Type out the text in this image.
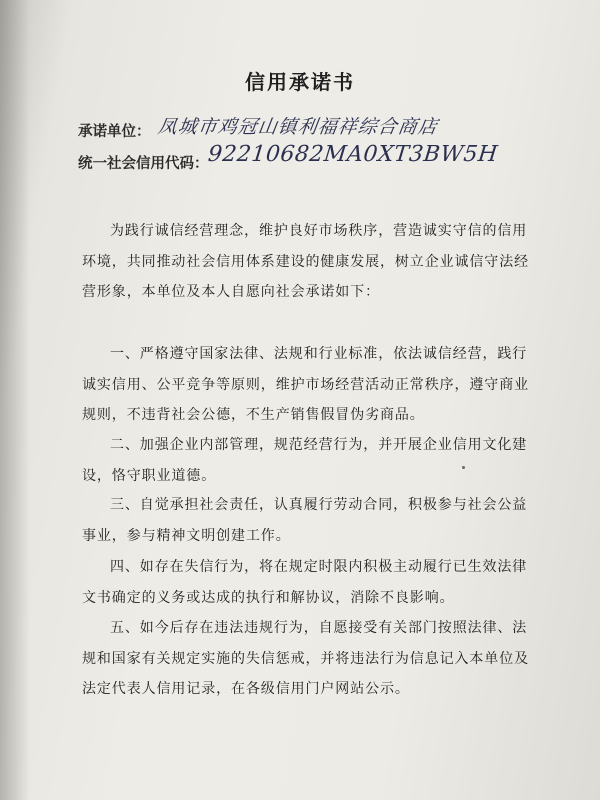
信用承诺书
承诺单位： 凤城市鸡冠山镇利福祥综合商店
统一社会信用代码：
92210682MA0XT3BW5H

为践行诚信经营理念，维护良好市场秩序，营造诚实守信的信用环境，共同推动社会信用体系建设的健康发展，树立企业诚信守法经营形象，本单位及本人自愿向社会承诺如下：

一、严格遵守国家法律、法规和行业标准，依法诚信经营，践行诚实信用、公平竞争等原则，维护市场经营活动正常秩序，遵守商业规则，不违背社会公德，不生产销售假冒伪劣商品。

二、加强企业内部管理，规范经营行为，并开展企业信用文化建设，恪守职业道德。

三、自觉承担社会责任，认真履行劳动合同，积极参与社会公益事业，参与精神文明创建工作。

四、如存在失信行为，将在规定时限内积极主动履行已生效法律文书确定的义务或达成的执行和解协议，消除不良影响。

五、如今后存在违法违规行为，自愿接受有关部门按照法律、法规和国家有关规定实施的失信惩戒，并将违法行为信息记入本单位及法定代表人信用记录，在各级信用门户网站公示。
